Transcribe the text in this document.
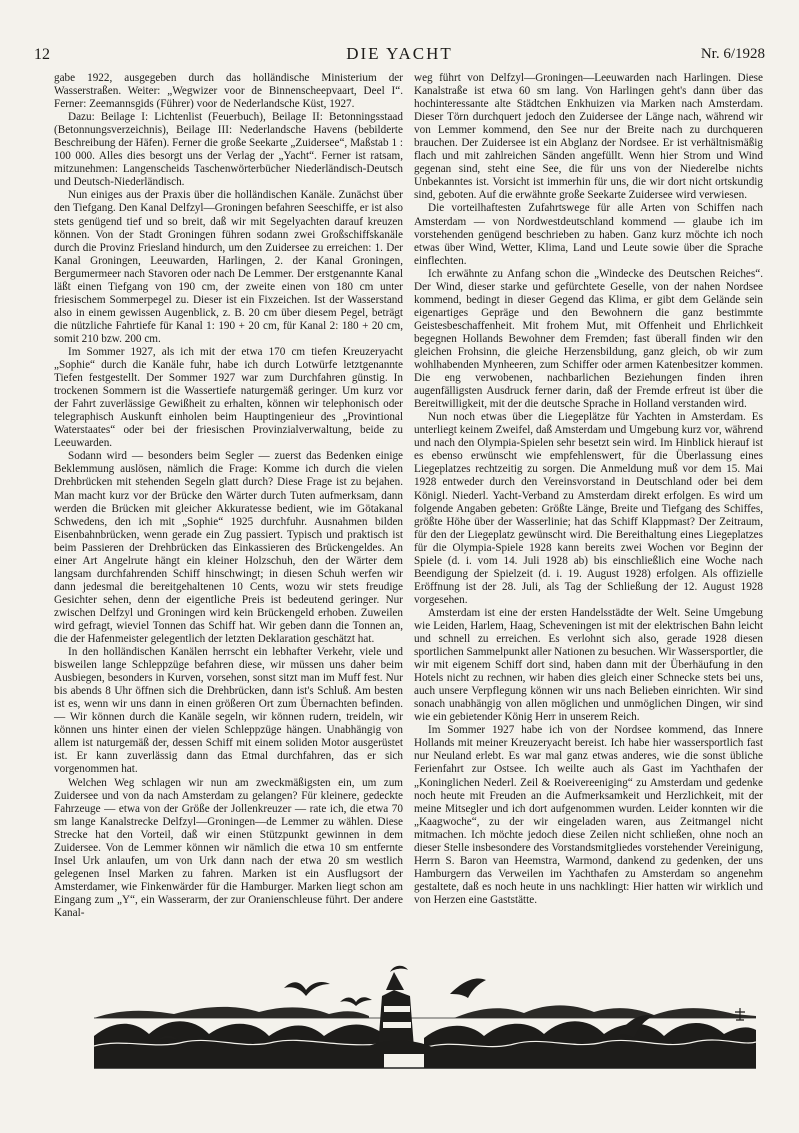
12	DIE YACHT	Nr. 6/1928

gabe 1922, ausgegeben durch das holländische Ministerium der Wasserstraßen. Weiter: „Wegwizer voor de Binnenscheepvaart, Deel I“. Ferner: Zeemannsgids (Führer) voor de Nederlandsche Küst, 1927.

Dazu: Beilage I: Lichtenlist (Feuerbuch), Beilage II: Betonningsstaad (Betonnungsverzeichnis), Beilage III: Nederlandsche Havens (bebilderte Beschreibung der Häfen). Ferner die große Seekarte „Zuidersee“, Maßstab 1 : 100 000. Alles dies besorgt uns der Verlag der „Yacht“. Ferner ist ratsam, mitzunehmen: Langenscheids Taschenwörterbücher Niederländisch-Deutsch und Deutsch-Niederländisch.

Nun einiges aus der Praxis über die holländischen Kanäle. Zunächst über den Tiefgang. Den Kanal Delfzyl—Groningen befahren Seeschiffe, er ist also stets genügend tief und so breit, daß wir mit Segelyachten darauf kreuzen können. Von der Stadt Groningen führen sodann zwei Großschiffskanäle durch die Provinz Friesland hindurch, um den Zuidersee zu erreichen: 1. Der Kanal Groningen, Leeuwarden, Harlingen, 2. der Kanal Groningen, Bergumermeer nach Stavoren oder nach De Lemmer. Der erstgenannte Kanal läßt einen Tiefgang von 190 cm, der zweite einen von 180 cm unter friesischem Sommerpegel zu. Dieser ist ein Fixzeichen. Ist der Wasserstand also in einem gewissen Augenblick, z. B. 20 cm über diesem Pegel, beträgt die nützliche Fahrtiefe für Kanal 1: 190 + 20 cm, für Kanal 2: 180 + 20 cm, somit 210 bzw. 200 cm.

Im Sommer 1927, als ich mit der etwa 170 cm tiefen Kreuzeryacht „Sophie“ durch die Kanäle fuhr, habe ich durch Lotwürfe letztgenannte Tiefen festgestellt. Der Sommer 1927 war zum Durchfahren günstig. In trockenen Sommern ist die Wassertiefe naturgemäß geringer. Um kurz vor der Fahrt zuverlässige Gewißheit zu erhalten, können wir telephonisch oder telegraphisch Auskunft einholen beim Hauptingenieur des „Provintional Waterstaates“ oder bei der friesischen Provinzialverwaltung, beide zu Leeuwarden.

Sodann wird — besonders beim Segler — zuerst das Bedenken einige Beklemmung auslösen, nämlich die Frage: Komme ich durch die vielen Drehbrücken mit stehenden Segeln glatt durch? Diese Frage ist zu bejahen. Man macht kurz vor der Brücke den Wärter durch Tuten aufmerksam, dann werden die Brücken mit gleicher Akkuratesse bedient, wie im Götakanal Schwedens, den ich mit „Sophie“ 1925 durchfuhr. Ausnahmen bilden Eisenbahnbrücken, wenn gerade ein Zug passiert. Typisch und praktisch ist beim Passieren der Drehbrücken das Einkassieren des Brückengeldes. An einer Art Angelrute hängt ein kleiner Holzschuh, den der Wärter dem langsam durchfahrenden Schiff hinschwingt; in diesen Schuh werfen wir dann jedesmal die bereitgehaltenen 10 Cents, wozu wir stets freudige Gesichter sehen, denn der eigentliche Preis ist bedeutend geringer. Nur zwischen Delfzyl und Groningen wird kein Brückengeld erhoben. Zuweilen wird gefragt, wieviel Tonnen das Schiff hat. Wir geben dann die Tonnen an, die der Hafenmeister gelegentlich der letzten Deklaration geschätzt hat.

In den holländischen Kanälen herrscht ein lebhafter Verkehr, viele und bisweilen lange Schleppzüge befahren diese, wir müssen uns daher beim Ausbiegen, besonders in Kurven, vorsehen, sonst sitzt man im Muff fest. Nur bis abends 8 Uhr öffnen sich die Drehbrücken, dann ist's Schluß. Am besten ist es, wenn wir uns dann in einen größeren Ort zum Übernachten befinden. — Wir können durch die Kanäle segeln, wir können rudern, treideln, wir können uns hinter einen der vielen Schleppzüge hängen. Unabhängig von allem ist naturgemäß der, dessen Schiff mit einem soliden Motor ausgerüstet ist. Er kann zuverlässig dann das Etmal durchfahren, das er sich vorgenommen hat.

Welchen Weg schlagen wir nun am zweckmäßigsten ein, um zum Zuidersee und von da nach Amsterdam zu gelangen? Für kleinere, gedeckte Fahrzeuge — etwa von der Größe der Jollenkreuzer — rate ich, die etwa 70 sm lange Kanalstrecke Delfzyl—Groningen—de Lemmer zu wählen. Diese Strecke hat den Vorteil, daß wir einen Stützpunkt gewinnen in dem Zuidersee. Von de Lemmer können wir nämlich die etwa 10 sm entfernte Insel Urk anlaufen, um von Urk dann nach der etwa 20 sm westlich gelegenen Insel Marken zu fahren. Marken ist ein Ausflugsort der Amsterdamer, wie Finkenwärder für die Hamburger. Marken liegt schon am Eingang zum „Y“, ein Wasserarm, der zur Oranienschleuse führt. Der andere Kanal-

weg führt von Delfzyl—Groningen—Leeuwarden nach Harlingen. Diese Kanalstraße ist etwa 60 sm lang. Von Harlingen geht's dann über das hochinteressante alte Städtchen Enkhuizen via Marken nach Amsterdam. Dieser Törn durchquert jedoch den Zuidersee der Länge nach, während wir von Lemmer kommend, den See nur der Breite nach zu durchqueren brauchen. Der Zuidersee ist ein Abglanz der Nordsee. Er ist verhältnismäßig flach und mit zahlreichen Sänden angefüllt. Wenn hier Strom und Wind gegenan sind, steht eine See, die für uns von der Niederelbe nichts Unbekanntes ist. Vorsicht ist immerhin für uns, die wir dort nicht ortskundig sind, geboten. Auf die erwähnte große Seekarte Zuidersee wird verwiesen.

Die vorteilhaftesten Zufahrtswege für alle Arten von Schiffen nach Amsterdam — von Nordwestdeutschland kommend — glaube ich im vorstehenden genügend beschrieben zu haben. Ganz kurz möchte ich noch etwas über Wind, Wetter, Klima, Land und Leute sowie über die Sprache einflechten.

Ich erwähnte zu Anfang schon die „Windecke des Deutschen Reiches“. Der Wind, dieser starke und gefürchtete Geselle, von der nahen Nordsee kommend, bedingt in dieser Gegend das Klima, er gibt dem Gelände sein eigenartiges Gepräge und den Bewohnern die ganz bestimmte Geistesbeschaffenheit. Mit frohem Mut, mit Offenheit und Ehrlichkeit begegnen Hollands Bewohner dem Fremden; fast überall finden wir den gleichen Frohsinn, die gleiche Herzensbildung, ganz gleich, ob wir zum wohlhabenden Mynheeren, zum Schiffer oder armen Katenbesitzer kommen. Die eng verwobenen, nachbarlichen Beziehungen finden ihren augenfälligsten Ausdruck ferner darin, daß der Fremde erfreut ist über die Bereitwilligkeit, mit der die deutsche Sprache in Holland verstanden wird.

Nun noch etwas über die Liegeplätze für Yachten in Amsterdam. Es unterliegt keinem Zweifel, daß Amsterdam und Umgebung kurz vor, während und nach den Olympia-Spielen sehr besetzt sein wird. Im Hinblick hierauf ist es ebenso erwünscht wie empfehlenswert, für die Überlassung eines Liegeplatzes rechtzeitig zu sorgen. Die Anmeldung muß vor dem 15. Mai 1928 entweder durch den Vereinsvorstand in Deutschland oder bei dem Königl. Niederl. Yacht-Verband zu Amsterdam direkt erfolgen. Es wird um folgende Angaben gebeten: Größte Länge, Breite und Tiefgang des Schiffes, größte Höhe über der Wasserlinie; hat das Schiff Klappmast? Der Zeitraum, für den der Liegeplatz gewünscht wird. Die Bereithaltung eines Liegeplatzes für die Olympia-Spiele 1928 kann bereits zwei Wochen vor Beginn der Spiele (d. i. vom 14. Juli 1928 ab) bis einschließlich eine Woche nach Beendigung der Spielzeit (d. i. 19. August 1928) erfolgen. Als offizielle Eröffnung ist der 28. Juli, als Tag der Schließung der 12. August 1928 vorgesehen.

Amsterdam ist eine der ersten Handelsstädte der Welt. Seine Umgebung wie Leiden, Harlem, Haag, Scheveningen ist mit der elektrischen Bahn leicht und schnell zu erreichen. Es verlohnt sich also, gerade 1928 diesen sportlichen Sammelpunkt aller Nationen zu besuchen. Wir Wassersportler, die wir mit eigenem Schiff dort sind, haben dann mit der Überhäufung in den Hotels nicht zu rechnen, wir haben dies gleich einer Schnecke stets bei uns, auch unsere Verpflegung können wir uns nach Belieben einrichten. Wir sind sonach unabhängig von allen möglichen und unmöglichen Dingen, wir sind wie ein gebietender König Herr in unserem Reich.

Im Sommer 1927 habe ich von der Nordsee kommend, das Innere Hollands mit meiner Kreuzeryacht bereist. Ich habe hier wassersportlich fast nur Neuland erlebt. Es war mal ganz etwas anderes, wie die sonst übliche Ferienfahrt zur Ostsee. Ich weilte auch als Gast im Yachthafen der „Koninglichen Nederl. Zeil & Roeivereeniging“ zu Amsterdam und gedenke noch heute mit Freuden an die Aufmerksamkeit und Herzlichkeit, mit der meine Mitsegler und ich dort aufgenommen wurden. Leider konnten wir die „Kaagwoche“, zu der wir eingeladen waren, aus Zeitmangel nicht mitmachen. Ich möchte jedoch diese Zeilen nicht schließen, ohne noch an dieser Stelle insbesondere des Vorstandsmitgliedes vorstehender Vereinigung, Herrn S. Baron van Heemstra, Warmond, dankend zu gedenken, der uns Hamburgern das Verweilen im Yachthafen zu Amsterdam so angenehm gestaltete, daß es noch heute in uns nachklingt: Hier hatten wir wirklich und von Herzen eine Gaststätte.
